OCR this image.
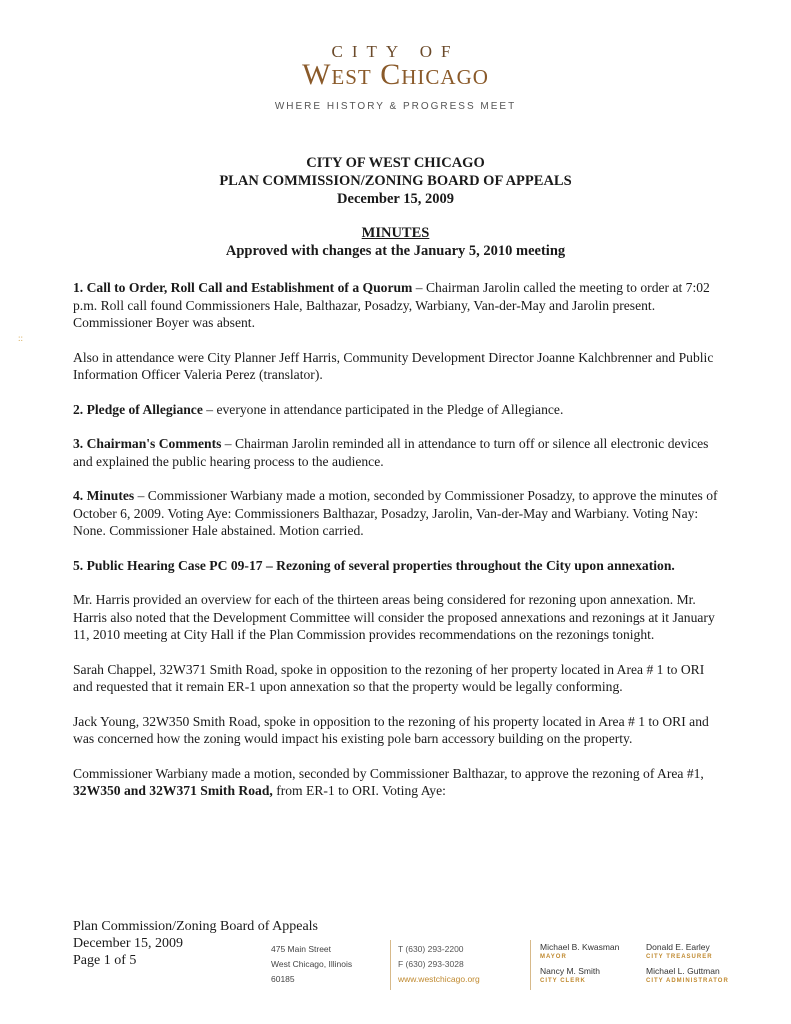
CITY OF
West Chicago
WHERE HISTORY & PROGRESS MEET
CITY OF WEST CHICAGO
PLAN COMMISSION/ZONING BOARD OF APPEALS
December 15, 2009
MINUTES
Approved with changes at the January 5, 2010 meeting
::

1. Call to Order, Roll Call and Establishment of a Quorum – Chairman Jarolin called the meeting to order at 7:02 p.m. Roll call found Commissioners Hale, Balthazar, Posadzy, Warbiany, Van-der-May and Jarolin present. Commissioner Boyer was absent.

Also in attendance were City Planner Jeff Harris, Community Development Director Joanne Kalchbrenner and Public Information Officer Valeria Perez (translator).

2. Pledge of Allegiance – everyone in attendance participated in the Pledge of Allegiance.

3. Chairman's Comments – Chairman Jarolin reminded all in attendance to turn off or silence all electronic devices and explained the public hearing process to the audience.

4. Minutes – Commissioner Warbiany made a motion, seconded by Commissioner Posadzy, to approve the minutes of October 6, 2009. Voting Aye: Commissioners Balthazar, Posadzy, Jarolin, Van-der-May and Warbiany. Voting Nay: None. Commissioner Hale abstained. Motion carried.

5. Public Hearing Case PC 09-17 – Rezoning of several properties throughout the City upon annexation.

Mr. Harris provided an overview for each of the thirteen areas being considered for rezoning upon annexation. Mr. Harris also noted that the Development Committee will consider the proposed annexations and rezonings at it January 11, 2010 meeting at City Hall if the Plan Commission provides recommendations on the rezonings tonight.

Sarah Chappel, 32W371 Smith Road, spoke in opposition to the rezoning of her property located in Area # 1 to ORI and requested that it remain ER-1 upon annexation so that the property would be legally conforming.

Jack Young, 32W350 Smith Road, spoke in opposition to the rezoning of his property located in Area # 1 to ORI and was concerned how the zoning would impact his existing pole barn accessory building on the property.

Commissioner Warbiany made a motion, seconded by Commissioner Balthazar, to approve the rezoning of Area #1, 32W350 and 32W371 Smith Road, from ER-1 to ORI. Voting Aye:

Plan Commission/Zoning Board of Appeals
December 15, 2009
Page 1 of 5
475 Main Street
West Chicago, Illinois
60185
T (630) 293-2200
F (630) 293-3028
www.westchicago.org
Michael B. Kwasman
MAYOR
Donald E. Earley
CITY TREASURER
Nancy M. Smith
CITY CLERK
Michael L. Guttman
CITY ADMINISTRATOR
